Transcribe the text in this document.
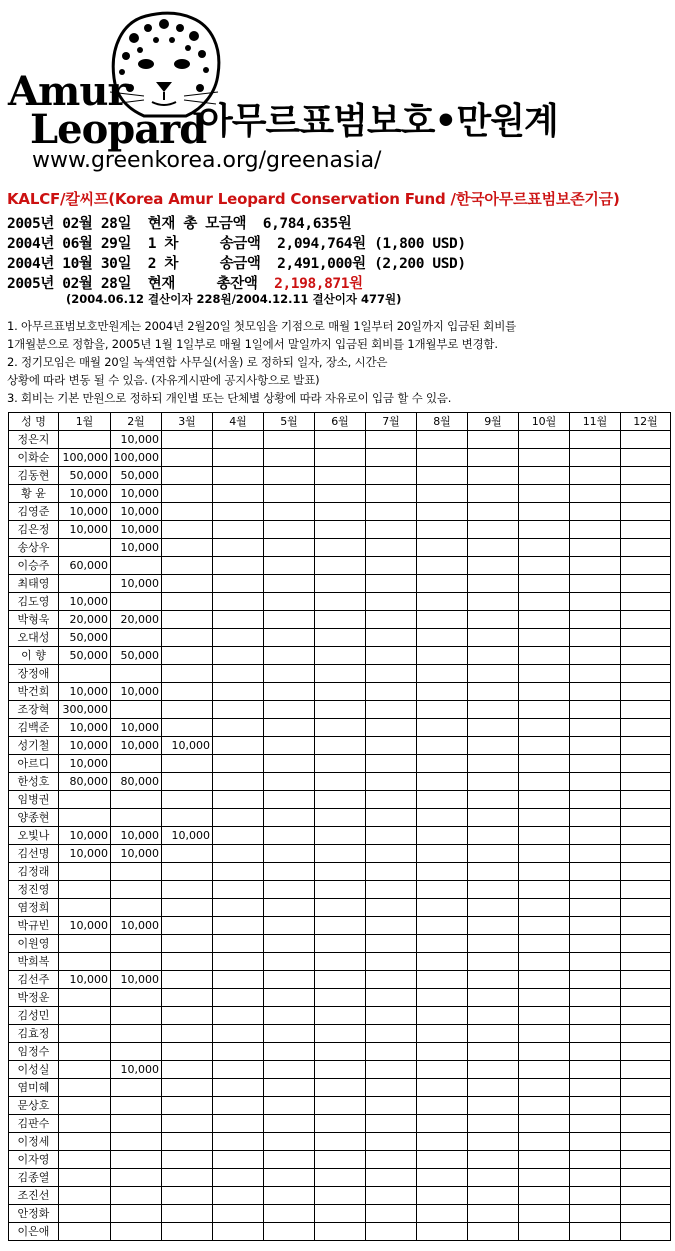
Amur
Leopard
아무르표범보호•만원계
www.greenkorea.org/greenasia/
KALCF/칼씨프(Korea Amur Leopard Conservation Fund /한국아무르표범보존기금)
2005년 02월 28일  현재 총 모금액  6,784,635원
2004년 06월 29일  1 차     송금액  2,094,764원 (1,800 USD)
2004년 10월 30일  2 차     송금액  2,491,000원 (2,200 USD)
2005년 02월 28일  현재     총잔액  2,198,871원
(2004.06.12 결산이자 228원/2004.12.11 결산이자 477원)
1. 아무르표범보호만원계는 2004년 2월20일 첫모임을 기점으로 매월 1일부터 20일까지 입금된 회비를
1개월분으로 정함을, 2005년 1월 1일부로 매월 1일에서 말일까지 입금된 회비를 1개월부로 변경함.
2. 정기모임은 매월 20일 녹색연합 사무실(서울) 로 정하되 일자, 장소, 시간은
상황에 따라 변동 될 수 있음. (자유게시판에 공지사항으로 발표)
3. 회비는 기본 만원으로 정하되 개인별 또는 단체별 상황에 따라 자유로이 입금 할 수 있음.
성 명	1월	2월	3월	4월	5월	6월	7월	8월	9월	10월	11월	12월
정은지		10,000										
이화순	100,000	100,000										
김동현	50,000	50,000										
황 윤	10,000	10,000										
김영준	10,000	10,000										
김은정	10,000	10,000										
송상우		10,000										
이승주	60,000											
최태영		10,000										
김도영	10,000											
박형욱	20,000	20,000										
오대성	50,000											
이 향	50,000	50,000										
장정애												
박건희	10,000	10,000										
조장혁	300,000											
김백준	10,000	10,000										
성기철	10,000	10,000	10,000									
아르디	10,000											
한성호	80,000	80,000										
임병권												
양종현												
오빛나	10,000	10,000	10,000									
김선명	10,000	10,000										
김정래												
정진영												
염정희												
박규빈	10,000	10,000										
이원영												
박희복												
김선주	10,000	10,000										
박정운												
김성민												
김효정												
임정수												
이성실		10,000										
염미혜												
문상호												
김판수												
이정세												
이자영												
김종열												
조진선												
안정화												
이은애												
